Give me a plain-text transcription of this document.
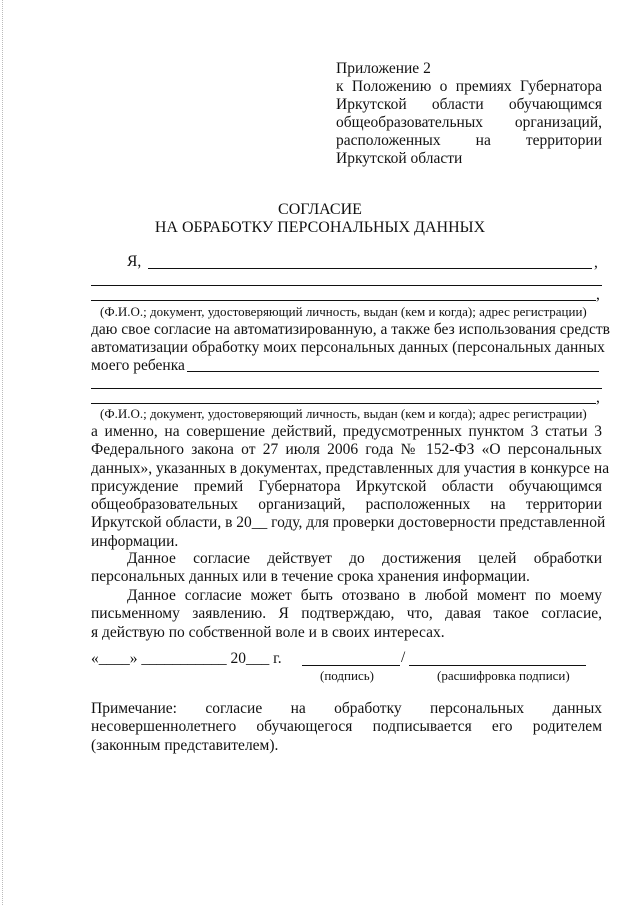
Приложение 2
к Положению о премиях Губернатора
Иркутской области обучающимся
общеобразовательных организаций,
расположенных на территории
Иркутской области
СОГЛАСИЕ
НА ОБРАБОТКУ ПЕРСОНАЛЬНЫХ ДАННЫХ
Я,	,
,
(Ф.И.О.; документ, удостоверяющий личность, выдан (кем и когда); адрес регистрации)
даю свое согласие на автоматизированную, а также без использования средств
автоматизации обработку моих персональных данных (персональных данных
моего ребенка
,
(Ф.И.О.; документ, удостоверяющий личность, выдан (кем и когда); адрес регистрации)
а именно, на совершение действий, предусмотренных пунктом 3 статьи 3
Федерального закона от 27 июля 2006 года № 152-ФЗ «О персональных
данных», указанных в документах, представленных для участия в конкурсе на
присуждение премий Губернатора Иркутской области обучающимся
общеобразовательных организаций, расположенных на территории
Иркутской области, в 20__ году, для проверки достоверности представленной
информации.
Данное согласие действует до достижения целей обработки
персональных данных или в течение срока хранения информации.
Данное согласие может быть отозвано в любой момент по моему
письменному заявлению. Я подтверждаю, что, давая такое согласие,
я действую по собственной воле и в своих интересах.
«____» ___________ 20___ г.	/
(подпись)	(расшифровка подписи)
Примечание: согласие на обработку персональных данных
несовершеннолетнего обучающегося подписывается его родителем
(законным представителем).
